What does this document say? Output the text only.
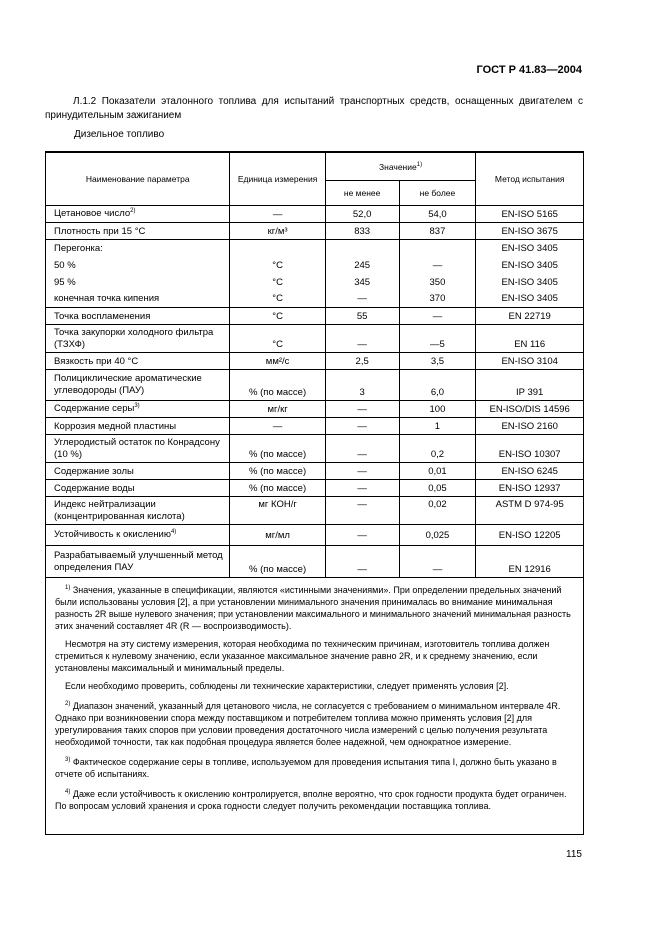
ГОСТ Р 41.83—2004
Л.1.2 Показатели эталонного топлива для испытаний транспортных средств, оснащенных двигателем с принудительным зажиганием
Дизельное топливо
Наименование параметра	Единица измерения	Значение$^{1)}$		Метод испытания
		не менее	не более	
Цетановое число$^{2)}$	—	52,0	54,0	EN-ISO 5165
Плотность при 15 °С	кг/м³	833	837	EN-ISO 3675
Перегонка:				EN-ISO 3405
50 %	°C	245	—	EN-ISO 3405
95 %	°C	345	350	EN-ISO 3405
конечная точка кипения	°C	—	370	EN-ISO 3405
Точка воспламенения	°C	55	—	EN 22719
Точка закупорки холодного фильтра (ТЗХФ)	°C	—	—5	EN 116
Вязкость при 40 °С	мм²/с	2,5	3,5	EN-ISO 3104
Полициклические ароматические углеводороды (ПАУ)	% (по массе)	3	6,0	IP 391
Содержание серы$^{3)}$	мг/кг	—	100	EN-ISO/DIS 14596
Коррозия медной пластины	—	—	1	EN-ISO 2160
Углеродистый остаток по Конрадсону (10 %)	% (по массе)	—	0,2	EN-ISO 10307
Содержание золы	% (по массе)	—	0,01	EN-ISO 6245
Содержание воды	% (по массе)	—	0,05	EN-ISO 12937
Индекс нейтрализации (концентрированная кислота)	мг КОН/г	—	0,02	ASTM D 974-95
Устойчивость к окислению$^{4)}$	мг/мл	—	0,025	EN-ISO 12205
Разрабатываемый улучшенный метод определения ПАУ	% (по массе)	—	—	EN 12916

$^{1)}$ Значения, указанные в спецификации, являются «истинными значениями». При определении предельных значений были использованы условия [2], а при установлении минимального значения принималась во внимание минимальная разность 2R выше нулевого значения; при установлении максимального и минимального значений минимальная разность этих значений составляет 4R (R — воспроизводимость).

Несмотря на эту систему измерения, которая необходима по техническим причинам, изготовитель топлива должен стремиться к нулевому значению, если указанное максимальное значение равно 2R, и к среднему значению, если установлены максимальный и минимальный пределы.

Если необходимо проверить, соблюдены ли технические характеристики, следует применять условия [2].

$^{2)}$ Диапазон значений, указанный для цетанового числа, не согласуется с требованием о минимальном интервале 4R. Однако при возникновении спора между поставщиком и потребителем топлива можно применять условия [2] для урегулирования таких споров при условии проведения достаточного числа измерений с целью получения результата необходимой точности, так как подобная процедура является более надежной, чем однократное измерение.

$^{3)}$ Фактическое содержание серы в топливе, используемом для проведения испытания типа I, должно быть указано в отчете об испытаниях.

$^{4)}$ Даже если устойчивость к окислению контролируется, вполне вероятно, что срок годности продукта будет ограничен. По вопросам условий хранения и срока годности следует получить рекомендации поставщика топлива.

115
